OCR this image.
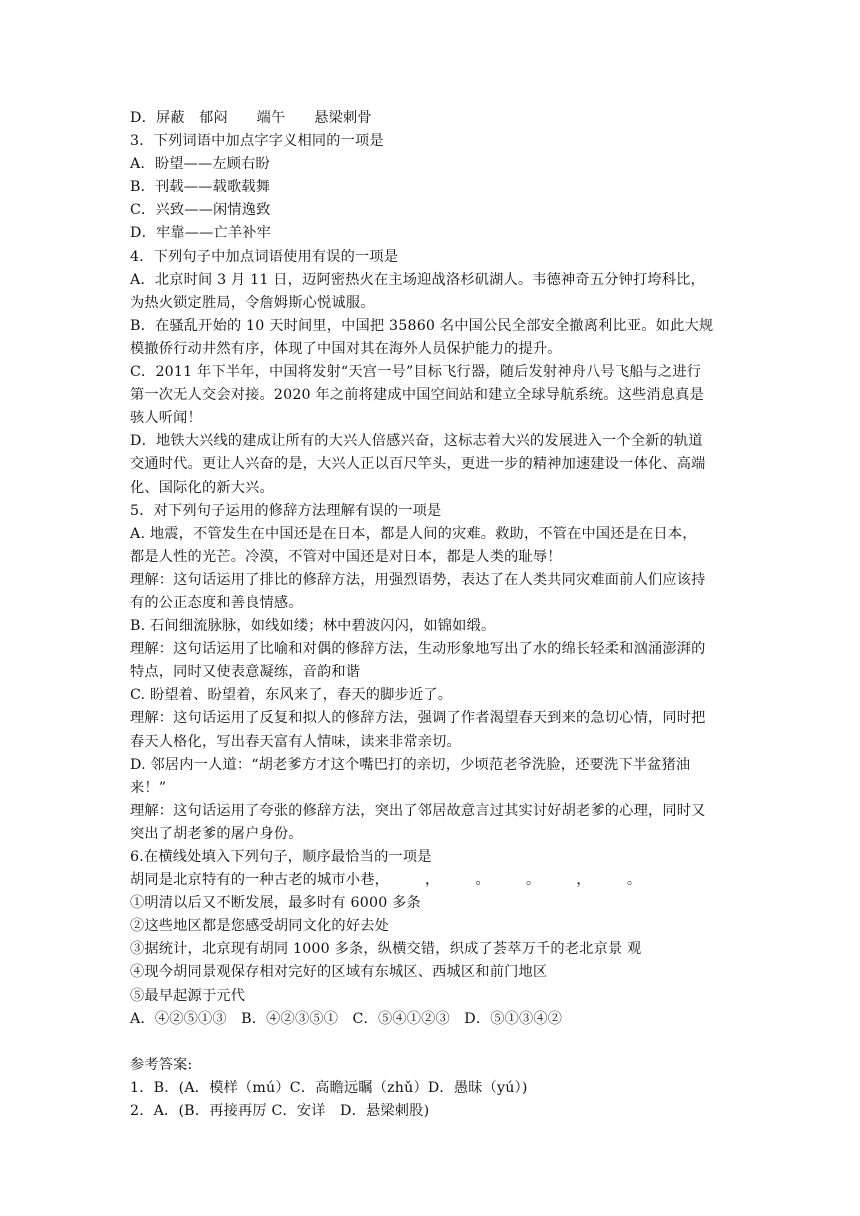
D．屏蔽　郁闷　　端午　　悬梁刺骨
3．下列词语中加点字字义相同的一项是
A．盼望——左顾右盼
B．刊载——载歌载舞
C．兴致——闲情逸致
D．牢靠——亡羊补牢
4．下列句子中加点词语使用有误的一项是
A．北京时间 3 月 11 日，迈阿密热火在主场迎战洛杉矶湖人。韦德神奇五分钟打垮科比，
为热火锁定胜局，令詹姆斯心悦诚服。
B．在骚乱开始的 10 天时间里，中国把 35860 名中国公民全部安全撤离利比亚。如此大规
模撤侨行动井然有序，体现了中国对其在海外人员保护能力的提升。
C．2011 年下半年，中国将发射“天宫一号”目标飞行器，随后发射神舟八号飞船与之进行
第一次无人交会对接。2020 年之前将建成中国空间站和建立全球导航系统。这些消息真是
骇人听闻！
D．地铁大兴线的建成让所有的大兴人倍感兴奋，这标志着大兴的发展进入一个全新的轨道
交通时代。更让人兴奋的是，大兴人正以百尺竿头，更进一步的精神加速建设一体化、高端
化、国际化的新大兴。
5．对下列句子运用的修辞方法理解有误的一项是
A. 地震，不管发生在中国还是在日本，都是人间的灾难。救助，不管在中国还是在日本，
都是人性的光芒。冷漠，不管对中国还是对日本，都是人类的耻辱！
理解：这句话运用了排比的修辞方法，用强烈语势，表达了在人类共同灾难面前人们应该持
有的公正态度和善良情感。
B. 石间细流脉脉，如线如缕；林中碧波闪闪，如锦如缎。
理解：这句话运用了比喻和对偶的修辞方法，生动形象地写出了水的绵长轻柔和汹涌澎湃的
特点，同时又使表意凝练，音韵和谐
C. 盼望着、盼望着，东风来了，春天的脚步近了。
理解：这句话运用了反复和拟人的修辞方法，强调了作者渴望春天到来的急切心情，同时把
春天人格化，写出春天富有人情味，读来非常亲切。
D. 邻居内一人道：“胡老爹方才这个嘴巴打的亲切，少顷范老爷洗脸，还要洗下半盆猪油
来！”
理解：这句话运用了夸张的修辞方法，突出了邻居故意言过其实讨好胡老爹的心理，同时又
突出了胡老爹的屠户身份。
6.在横线处填入下列句子，顺序最恰当的一项是
胡同是北京特有的一种古老的城市小巷，　　　，　　　。　　　。　　　，　　　。
①明清以后又不断发展，最多时有 6000 多条
②这些地区都是您感受胡同文化的好去处
③据统计，北京现有胡同 1000 多条，纵横交错，织成了荟萃万千的老北京景 观
④现今胡同景观保存相对完好的区域有东城区、西城区和前门地区
⑤最早起源于元代
A．④②⑤①③　B．④②③⑤①　C．⑤④①②③　D．⑤①③④②
参考答案:
1．B．(A．模样（mú）C．高瞻远瞩（zhǔ）D．愚昧（yú）)
2．A．(B．再接再厉 C．安详　D．悬梁刺股)
